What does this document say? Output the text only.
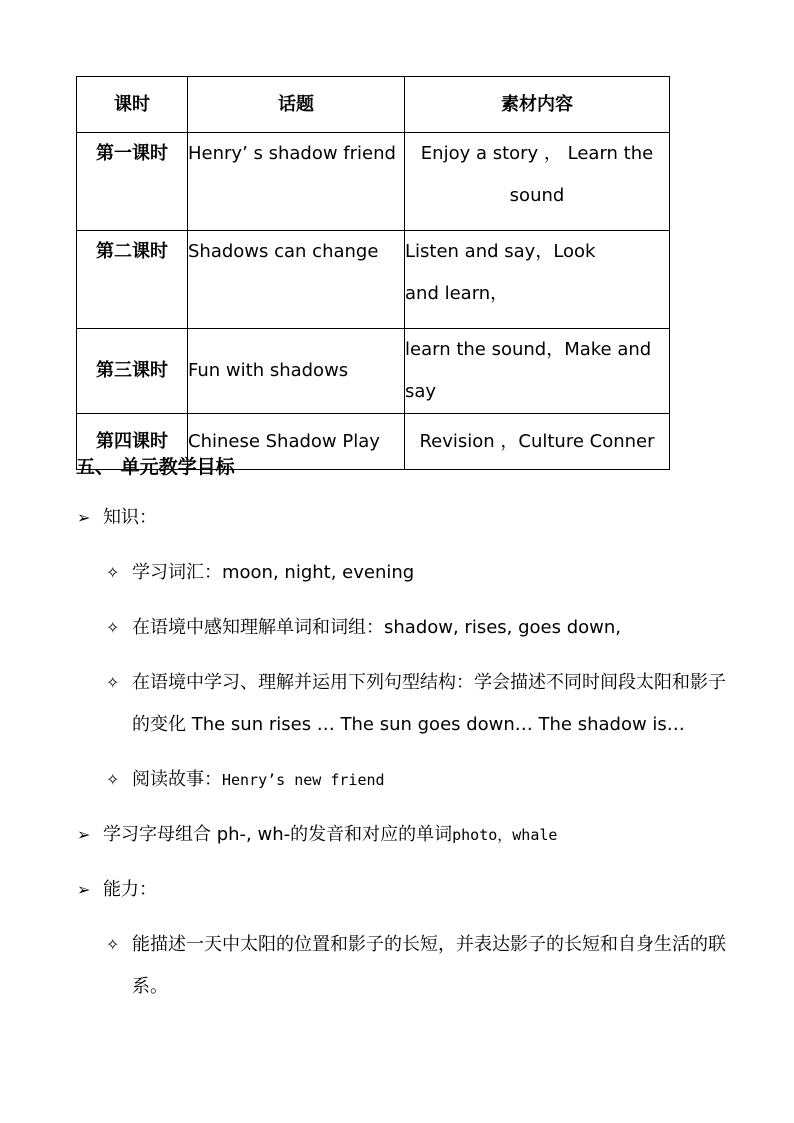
课时	话题	素材内容
第一课时	Henry’ s shadow friend	Enjoy a story ， Learn the sound
第二课时	Shadows can change	Listen and say，Look and learn，
第三课时	Fun with shadows	learn the sound，Make and say
第四课时	Chinese Shadow Play	Revision ，Culture Conner
五、 单元教学目标
➢ 知识：
✧ 学习词汇：moon, night, evening
✧ 在语境中感知理解单词和词组：shadow, rises, goes down,
✧ 在语境中学习、理解并运用下列句型结构：学会描述不同时间段太阳和影子
的变化 The sun rises … The sun goes down… The shadow is…
✧ 阅读故事：Henry’s new friend
➢ 学习字母组合 ph-, wh-的发音和对应的单词photo，whale
➢ 能力：
✧ 能描述一天中太阳的位置和影子的长短，并表达影子的长短和自身生活的联
系。
